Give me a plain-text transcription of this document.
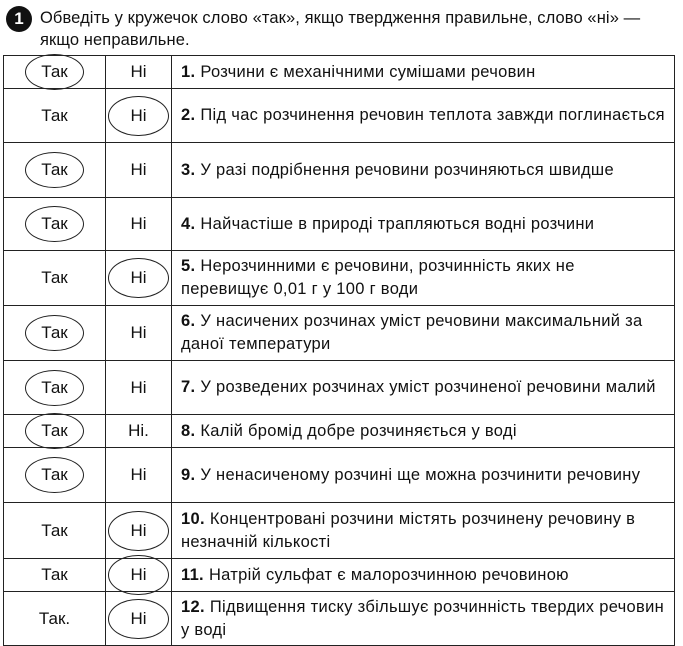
1 Обведіть у кружечок слово «так», якщо твердження правильне, слово «ні» — якщо неправильне.
Так	Ні	1. Розчини є механічними сумішами речовин
Так	Ні	2. Під час розчинення речовин теплота завжди поглинається
Так	Ні	3. У разі подрібнення речовини розчиняються швидше
Так	Ні	4. Найчастіше в природі трапляються водні розчини
Так	Ні	5. Нерозчинними є речовини, розчинність яких не перевищує 0,01 г у 100 г води
Так	Ні	6. У насичених розчинах уміст речовини максимальний за даної температури
Так	Ні	7. У розведених розчинах уміст розчиненої речовини малий
Так	Ні.	8. Калій бромід добре розчиняється у воді
Так	Ні	9. У ненасиченому розчині ще можна розчинити речовину
Так	Ні	10. Концентровані розчини містять розчинену речовину в незначній кількості
Так	Ні	11. Натрій сульфат є малорозчинною речовиною
Так.	Ні	12. Підвищення тиску збільшує розчинність твердих речовин у воді
